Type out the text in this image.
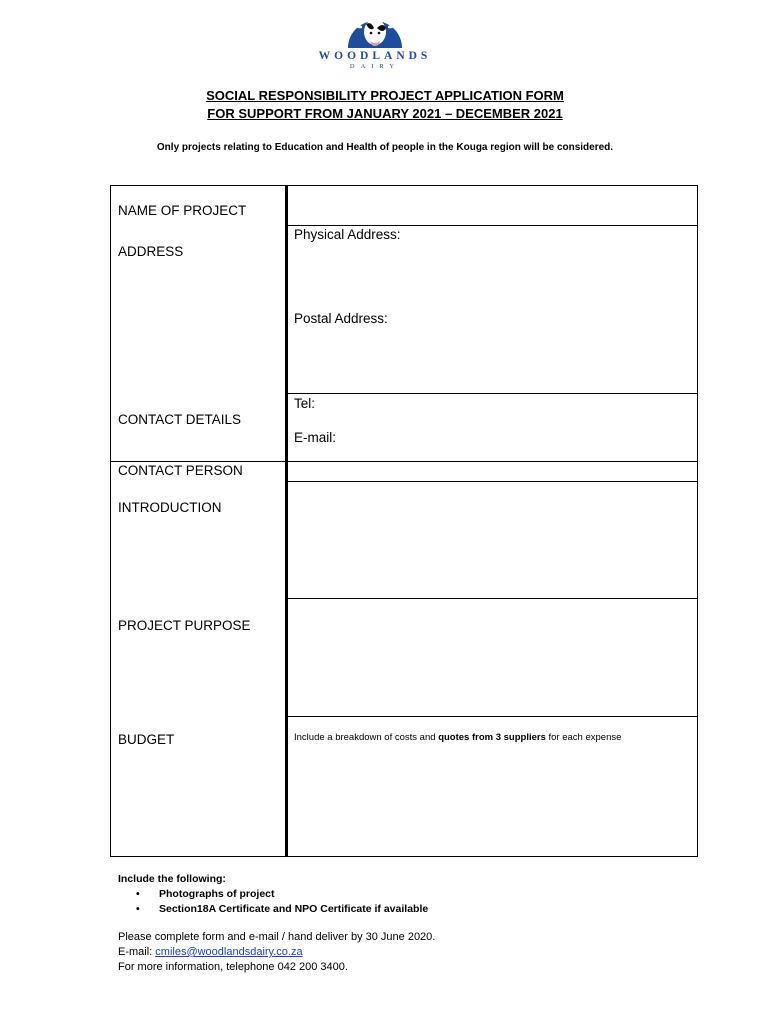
WOODLANDS
DAIRY
SOCIAL RESPONSIBILITY PROJECT APPLICATION FORM
FOR SUPPORT FROM JANUARY 2021 – DECEMBER 2021
Only projects relating to Education and Health of people in the Kouga region will be considered.
NAME OF PROJECT
ADDRESS
Physical Address:
Postal Address:
CONTACT DETAILS
Tel:
E-mail:
CONTACT PERSON
INTRODUCTION
PROJECT PURPOSE
BUDGET	Include a breakdown of costs and quotes from 3 suppliers for each expense
Include the following:
• Photographs of project
• Section18A Certificate and NPO Certificate if available
Please complete form and e-mail / hand deliver by 30 June 2020.
E-mail: cmiles@woodlandsdairy.co.za
For more information, telephone 042 200 3400.
